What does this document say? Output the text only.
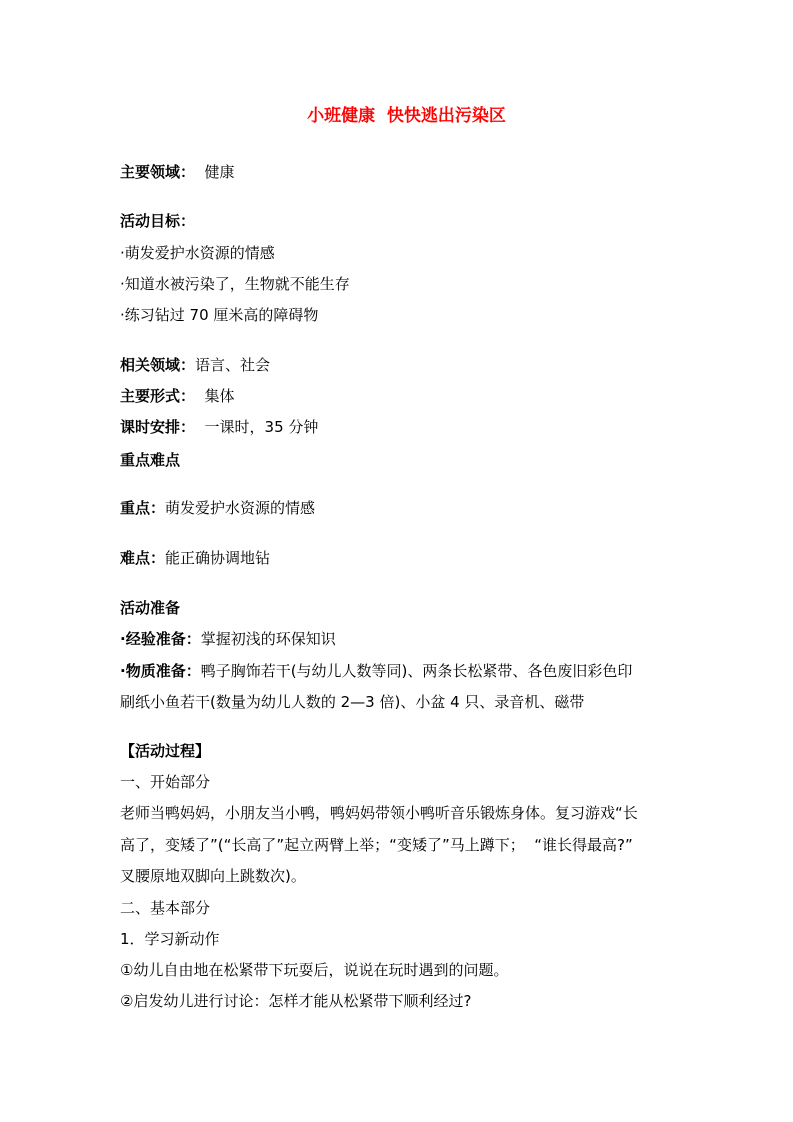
小班健康  快快逃出污染区
主要领域：  健康
活动目标：
·萌发爱护水资源的情感
·知道水被污染了，生物就不能生存
·练习钻过 70 厘米高的障碍物
相关领域：语言、社会
主要形式：  集体
课时安排：  一课时，35 分钟
重点难点
重点：萌发爱护水资源的情感
难点：能正确协调地钻
活动准备
·经验准备：掌握初浅的环保知识
·物质准备：鸭子胸饰若干(与幼儿人数等同)、两条长松紧带、各色废旧彩色印
刷纸小鱼若干(数量为幼儿人数的 2—3 倍)、小盆 4 只、录音机、磁带
【活动过程】
一、开始部分
老师当鸭妈妈，小朋友当小鸭，鸭妈妈带领小鸭听音乐锻炼身体。复习游戏“长
高了，变矮了”(“长高了”起立两臂上举；“变矮了”马上蹲下；  “谁长得最高?”
叉腰原地双脚向上跳数次)。
二、基本部分
1．学习新动作
①幼儿自由地在松紧带下玩耍后，说说在玩时遇到的问题。
②启发幼儿进行讨论：怎样才能从松紧带下顺利经过?
